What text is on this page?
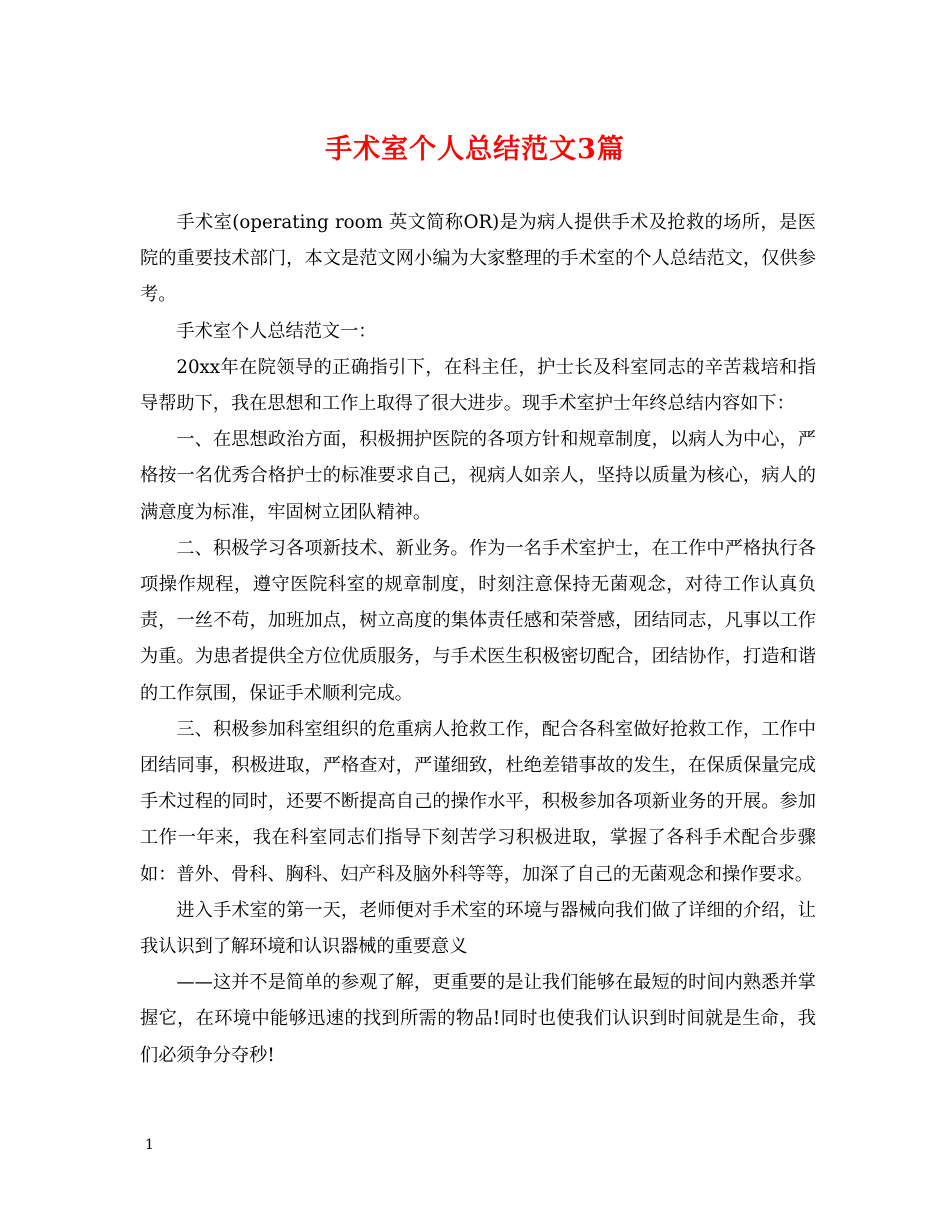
手术室个人总结范文3篇

手术室(operating room 英文简称OR)是为病人提供手术及抢救的场所，是医院的重要技术部门，本文是范文网小编为大家整理的手术室的个人总结范文，仅供参考。

手术室个人总结范文一：

20xx年在院领导的正确指引下，在科主任，护士长及科室同志的辛苦栽培和指导帮助下，我在思想和工作上取得了很大进步。现手术室护士年终总结内容如下：

一、在思想政治方面，积极拥护医院的各项方针和规章制度，以病人为中心，严格按一名优秀合格护士的标准要求自己，视病人如亲人，坚持以质量为核心，病人的满意度为标准，牢固树立团队精神。

二、积极学习各项新技术、新业务。作为一名手术室护士，在工作中严格执行各项操作规程，遵守医院科室的规章制度，时刻注意保持无菌观念，对待工作认真负责，一丝不苟，加班加点，树立高度的集体责任感和荣誉感，团结同志，凡事以工作为重。为患者提供全方位优质服务，与手术医生积极密切配合，团结协作，打造和谐的工作氛围，保证手术顺利完成。

三、积极参加科室组织的危重病人抢救工作，配合各科室做好抢救工作，工作中团结同事，积极进取，严格查对，严谨细致，杜绝差错事故的发生，在保质保量完成手术过程的同时，还要不断提高自己的操作水平，积极参加各项新业务的开展。参加工作一年来，我在科室同志们指导下刻苦学习积极进取，掌握了各科手术配合步骤如：普外、骨科、胸科、妇产科及脑外科等等，加深了自己的无菌观念和操作要求。

进入手术室的第一天，老师便对手术室的环境与器械向我们做了详细的介绍，让我认识到了解环境和认识器械的重要意义

——这并不是简单的参观了解，更重要的是让我们能够在最短的时间内熟悉并掌握它，在环境中能够迅速的找到所需的物品!同时也使我们认识到时间就是生命，我们必须争分夺秒!

1
